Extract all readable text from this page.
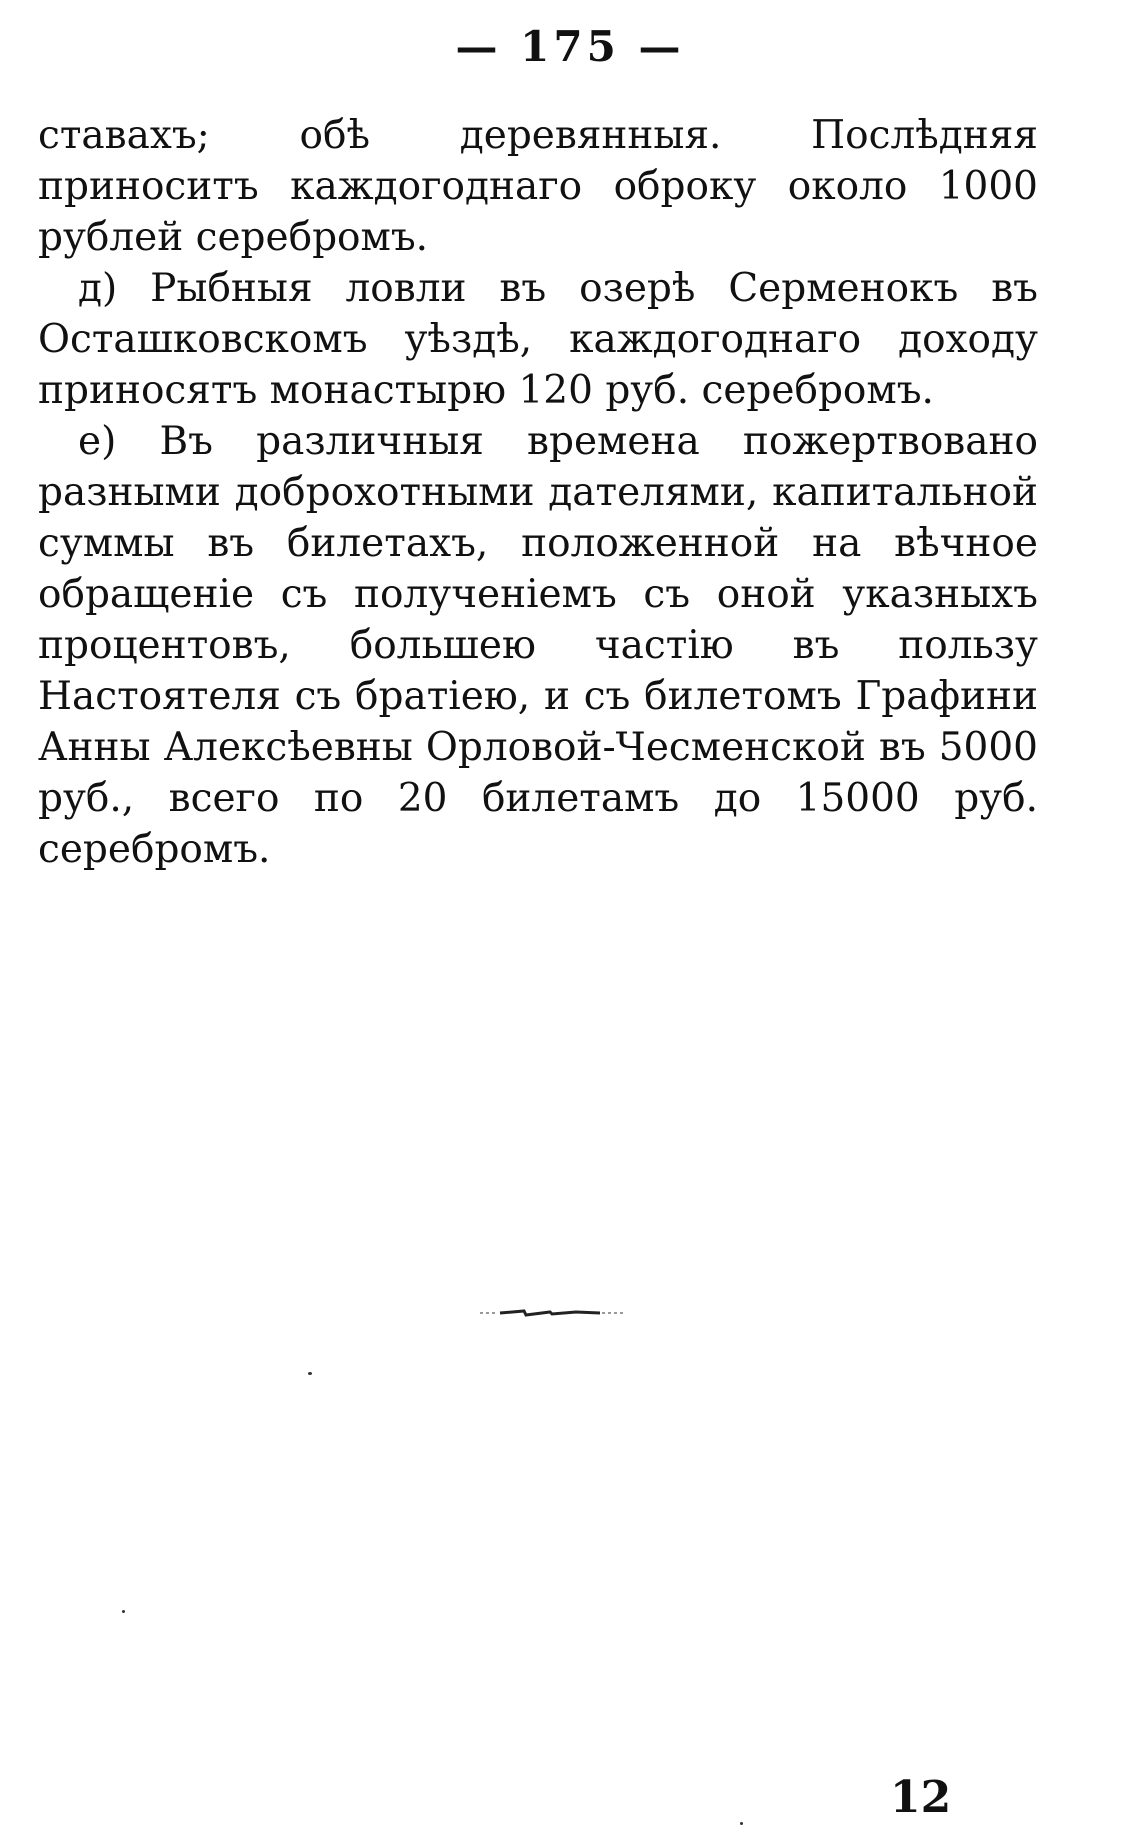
— 175 —

ставахъ; обѣ деревянныя. Послѣдняя приноситъ каждогоднаго оброку около 1000 рублей серебромъ.

д) Рыбныя ловли въ озерѣ Серменокъ въ Осташковскомъ уѣздѣ, каждогоднаго доходу приносятъ монастырю 120 руб. серебромъ.

е) Въ различныя времена пожертвовано разными доброхотными дателями, капитальной суммы въ билетахъ, положенной на вѣчное обращеніе съ полученіемъ съ оной указныхъ процентовъ, большею частію въ пользу Настоятеля съ братіею, и съ билетомъ Графини Анны Алексѣевны Орловой-Чесменской въ 5000 руб., всего по 20 билетамъ до 15000 руб. серебромъ.

12
